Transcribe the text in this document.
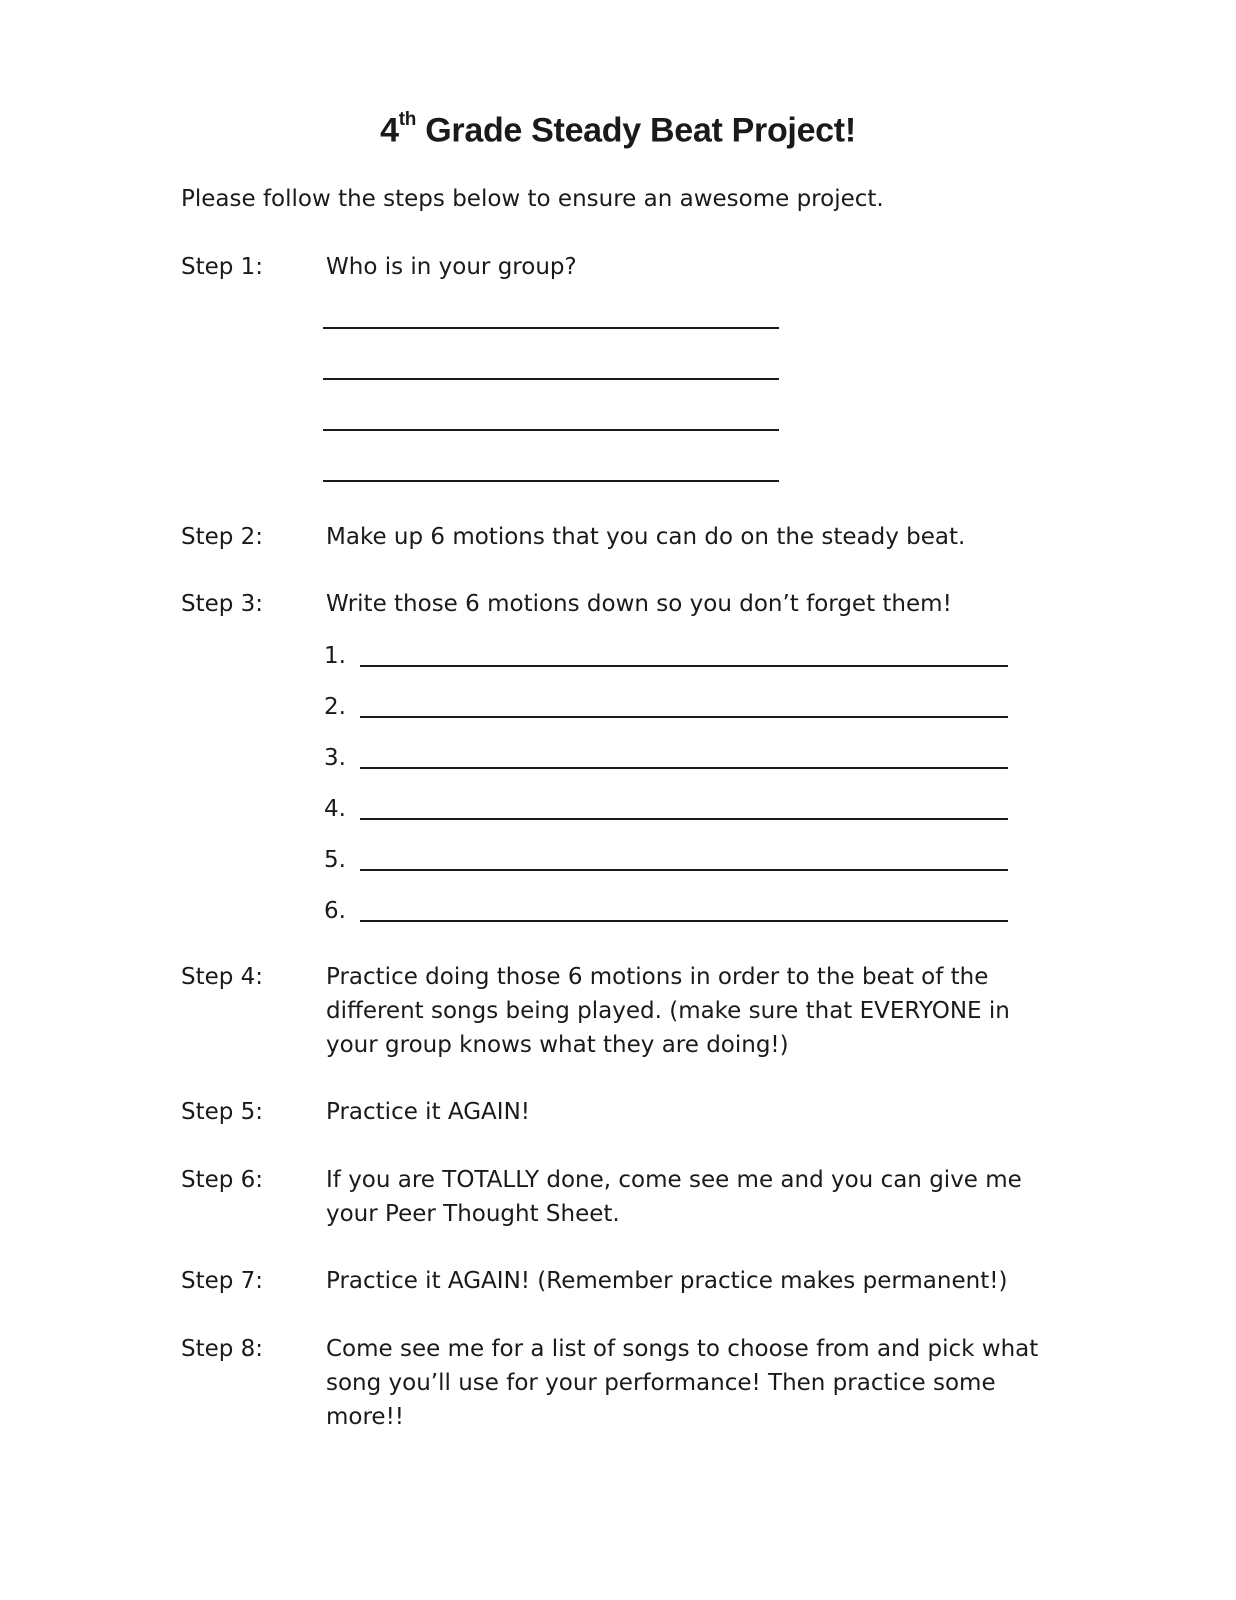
4th Grade Steady Beat Project!
Please follow the steps below to ensure an awesome project.
Step 1:	Who is in your group?
Step 2:	Make up 6 motions that you can do on the steady beat.
Step 3:	Write those 6 motions down so you don’t forget them!
1.
2.
3.
4.
5.
6.
Step 4:	Practice doing those 6 motions in order to the beat of the
different songs being played. (make sure that EVERYONE in
your group knows what they are doing!)
Step 5:	Practice it AGAIN!
Step 6:	If you are TOTALLY done, come see me and you can give me
your Peer Thought Sheet.
Step 7:	Practice it AGAIN! (Remember practice makes permanent!)
Step 8:	Come see me for a list of songs to choose from and pick what
song you’ll use for your performance! Then practice some
more!!
